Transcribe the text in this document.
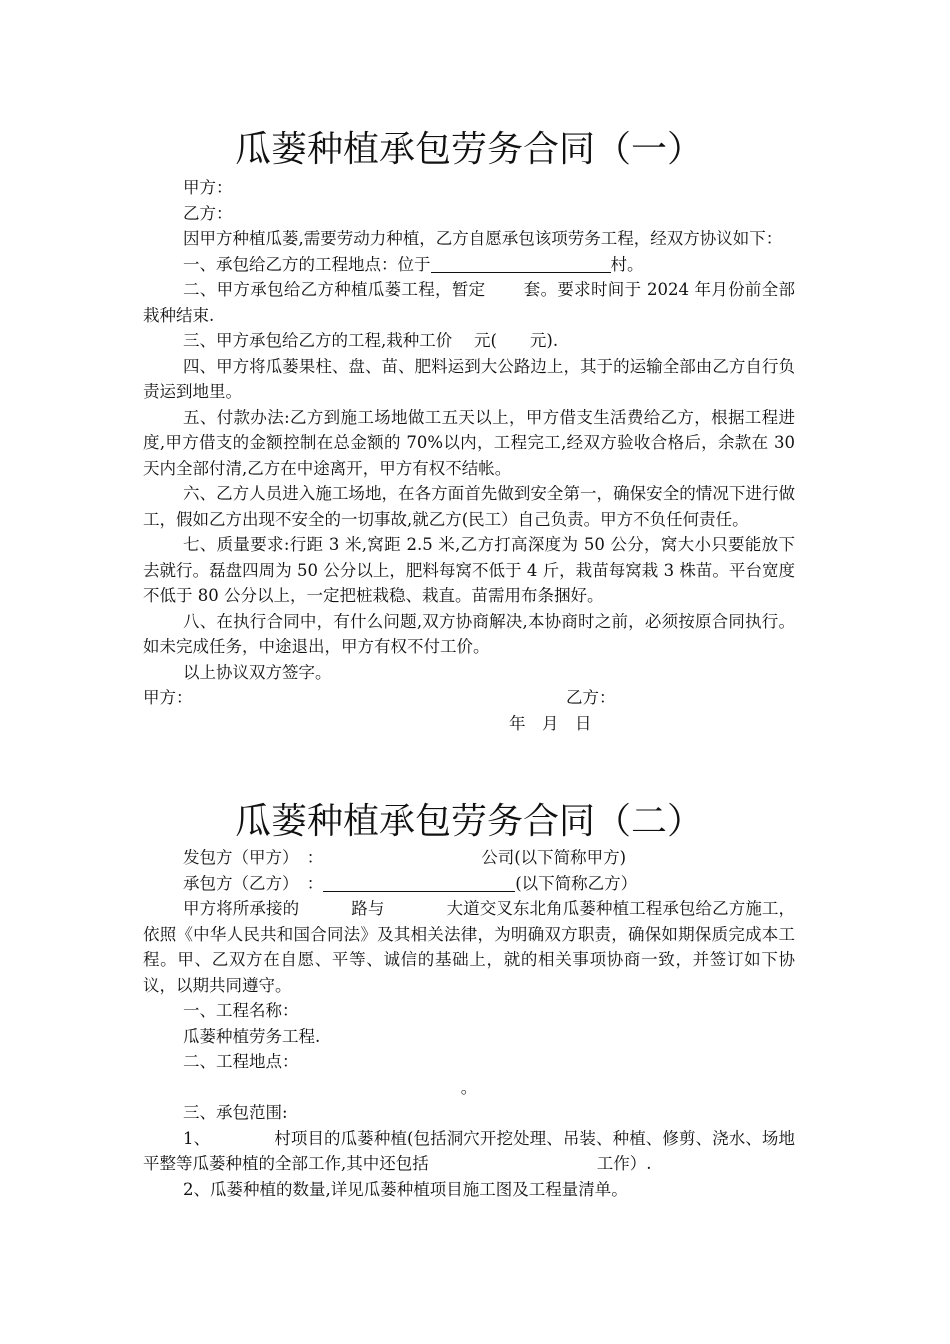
瓜蒌种植承包劳务合同（一）

甲方：

乙方：

因甲方种植瓜蒌,需要劳动力种植，乙方自愿承包该项劳务工程，经双方协议如下：

一、承包给乙方的工程地点：位于	村。

二、甲方承包给乙方种植瓜蒌工程，暂定 套。要求时间于 2024 年月份前全部栽种结束.

三、甲方承包给乙方的工程,栽种工价　 元(　　元).

四、甲方将瓜蒌果柱、盘、苗、肥料运到大公路边上，其于的运输全部由乙方自行负责运到地里。

五、付款办法:乙方到施工场地做工五天以上，甲方借支生活费给乙方，根据工程进度,甲方借支的金额控制在总金额的 70%以内，工程完工,经双方验收合格后，余款在 30 天内全部付清,乙方在中途离开，甲方有权不结帐。

六、乙方人员进入施工场地，在各方面首先做到安全第一，确保安全的情况下进行做工，假如乙方出现不安全的一切事故,就乙方(民工）自己负责。甲方不负任何责任。

七、质量要求:行距 3 米,窝距 2.5 米,乙方打高深度为 50 公分，窝大小只要能放下去就行。磊盘四周为 50 公分以上，肥料每窝不低于 4 斤，栽苗每窝栽 3 株苗。平台宽度不低于 80 公分以上，一定把桩栽稳、栽直。苗需用布条捆好。

八、在执行合同中，有什么问题,双方协商解决,本协商时之前，必须按原合同执行。如未完成任务，中途退出，甲方有权不付工价。

以上协议双方签字。

甲方：	乙方：
年　月　日
瓜蒌种植承包劳务合同（二）

发包方（甲方）　：	公司(以下简称甲方)

承包方（乙方）　：	(以下简称乙方）

甲方将所承接的	路与	大道交叉东北角瓜蒌种植工程承包给乙方施工，依照《中华人民共和国合同法》及其相关法律，为明确双方职责，确保如期保质完成本工程。甲、乙双方在自愿、平等、诚信的基础上，就的相关事项协商一致，并签订如下协议，以期共同遵守。

一、工程名称：

瓜蒌种植劳务工程.

二、工程地点：

。

三、承包范围:

1、	村项目的瓜蒌种植(包括洞穴开挖处理、吊装、种植、修剪、浇水、场地平整等瓜蒌种植的全部工作,其中还包括	工作）.

2、瓜蒌种植的数量,详见瓜蒌种植项目施工图及工程量清单。
